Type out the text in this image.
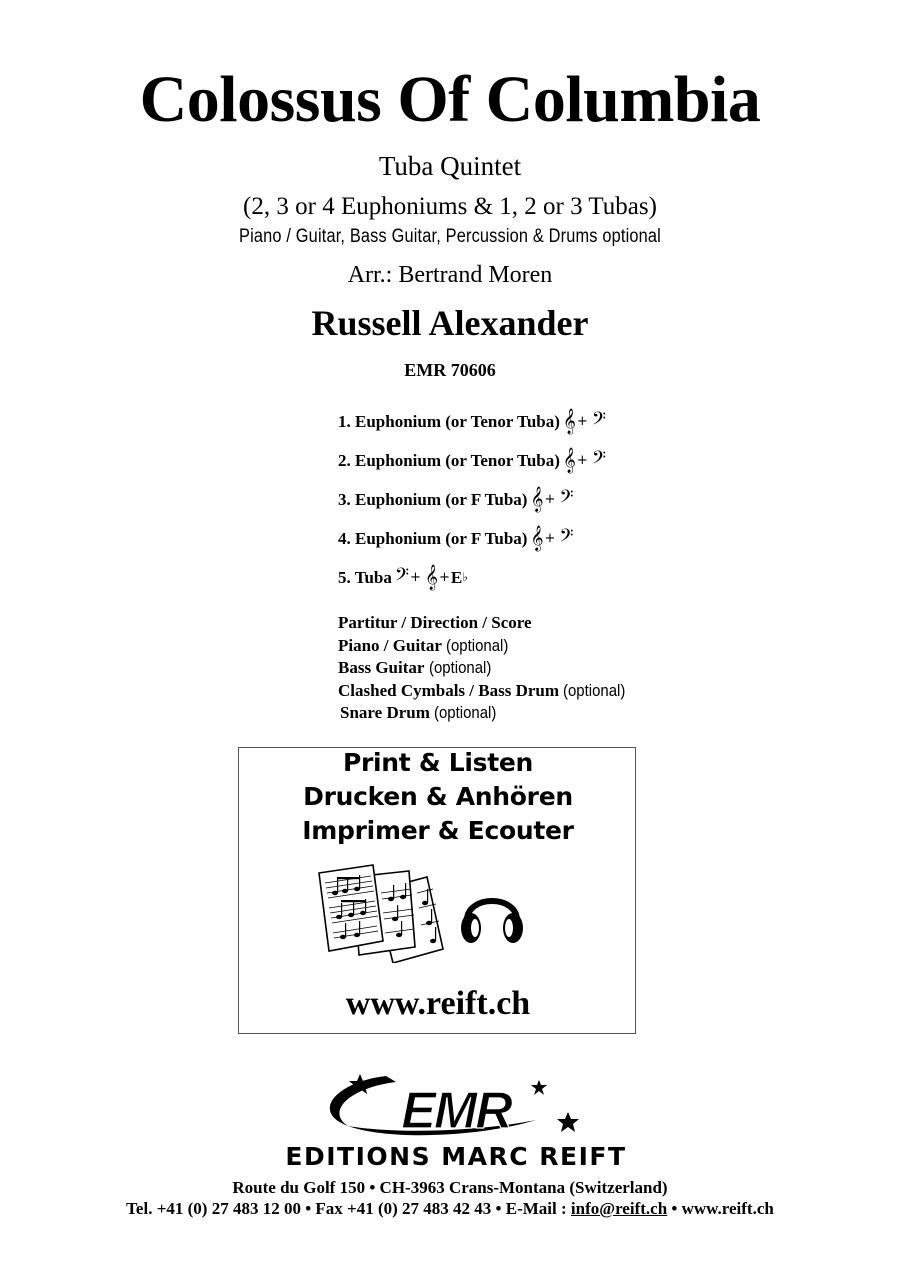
Colossus Of Columbia
Tuba Quintet
(2, 3 or 4 Euphoniums & 1, 2 or 3 Tubas)
Piano / Guitar, Bass Guitar, Percussion & Drums optional
Arr.: Bertrand Moren
Russell Alexander
EMR 70606
1. Euphonium (or Tenor Tuba) 𝄞 + 𝄢
2. Euphonium (or Tenor Tuba) 𝄞 + 𝄢
3. Euphonium (or F Tuba) 𝄞 + 𝄢
4. Euphonium (or F Tuba) 𝄞 + 𝄢
5. Tuba 𝄢 + 𝄞 + E ♭
Partitur / Direction / Score
Piano / Guitar (optional)
Bass Guitar (optional)
Clashed Cymbals / Bass Drum (optional)
Snare Drum (optional)
Print & Listen
Drucken & Anhören
Imprimer & Ecouter
www.reift.ch
EMR
EDITIONS MARC REIFT
Route du Golf 150 • CH-3963 Crans-Montana (Switzerland)
Tel. +41 (0) 27 483 12 00 • Fax +41 (0) 27 483 42 43 • E-Mail : info@reift.ch • www.reift.ch
